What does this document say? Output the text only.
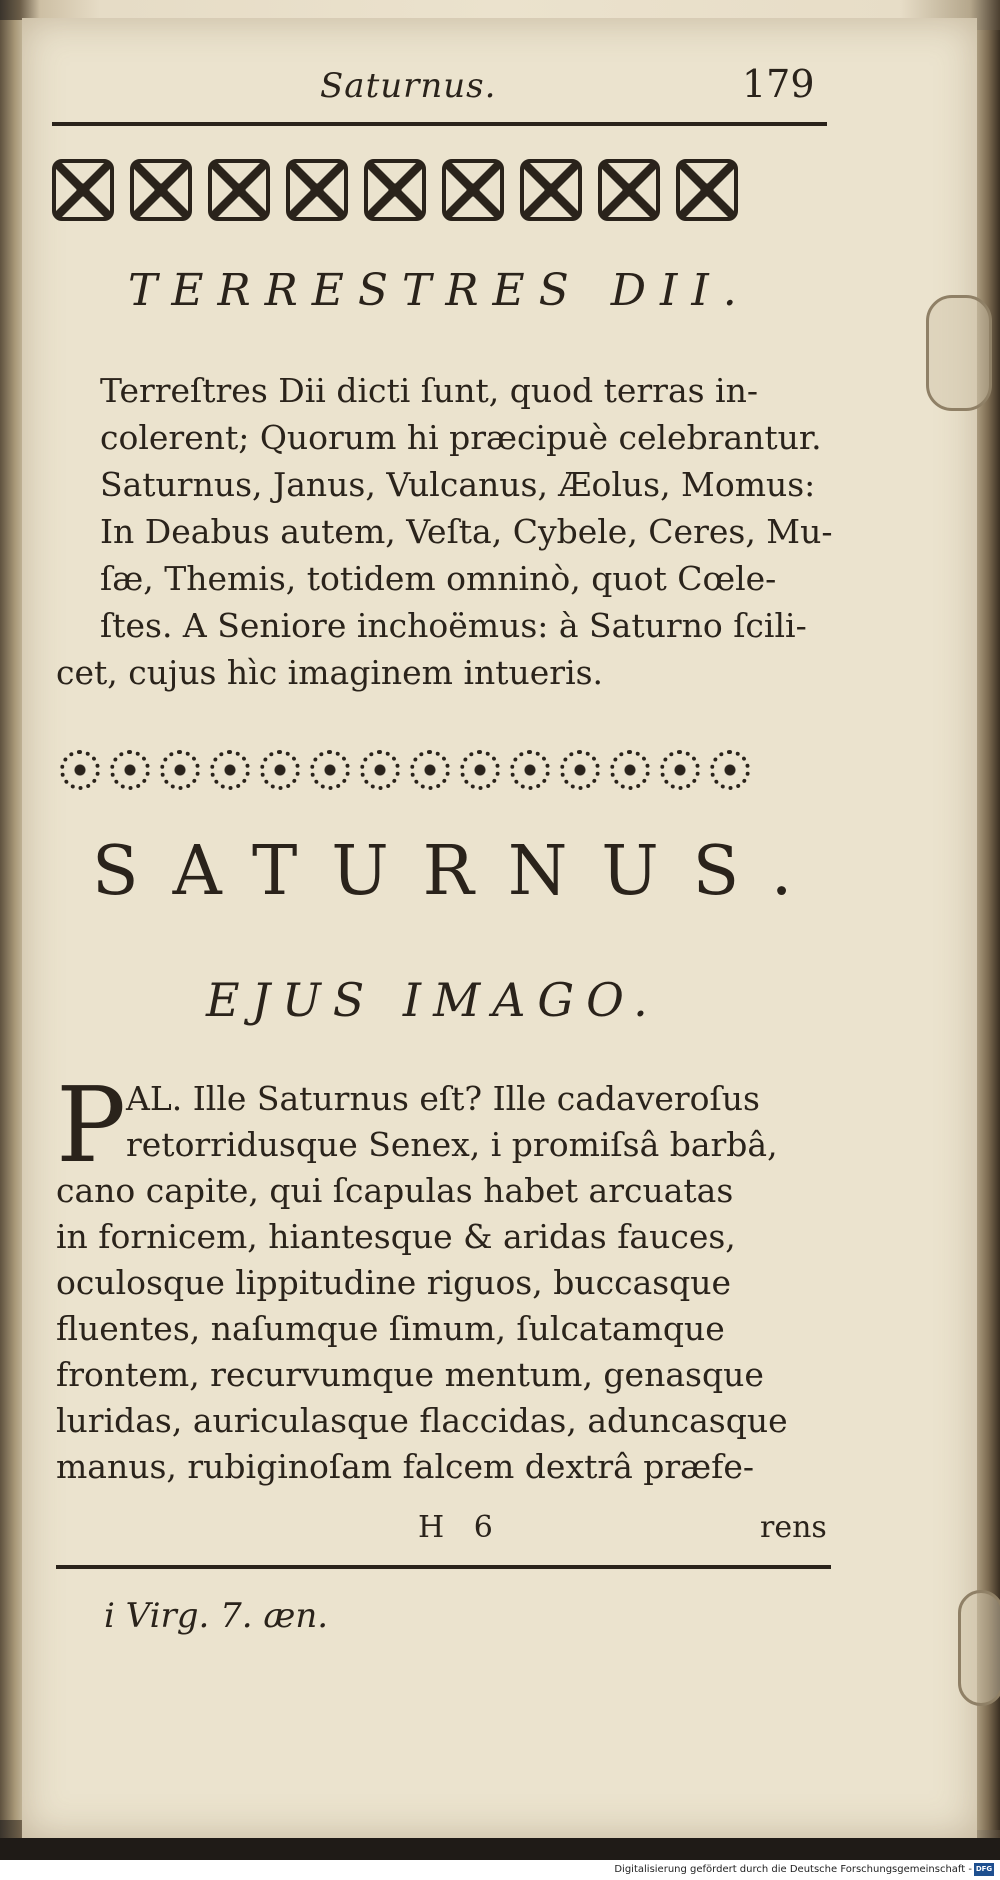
Saturnus.	179
TERRESTRES DII.
Terreſtres Dii dicti ſunt, quod terras in-
colerent; Quorum hi præcipuè celebrantur.
Saturnus, Janus, Vulcanus, Æolus, Momus:
In Deabus autem, Veſta, Cybele, Ceres, Mu-
ſæ, Themis, totidem omninò, quot Cœle-
ſtes. A Seniore inchoëmus: à Saturno ſcili-
cet, cujus hìc imaginem intueris.
SATURNUS.
EJUS IMAGO.
P AL. Ille Saturnus eſt? Ille cadaveroſus
retorridusque Senex, i promiſsâ barbâ,
cano capite, qui ſcapulas habet arcuatas
in fornicem, hiantesque & aridas fauces,
oculosque lippitudine riguos, buccasque
fluentes, naſumque ſimum, ſulcatamque
frontem, recurvumque mentum, genasque
luridas, auriculasque flaccidas, aduncasque
manus, rubiginoſam falcem dextrâ præfe-
H 6	rens
i Virg. 7. æn.
Digitalisierung gefördert durch die Deutsche Forschungsgemeinschaft - DFG
